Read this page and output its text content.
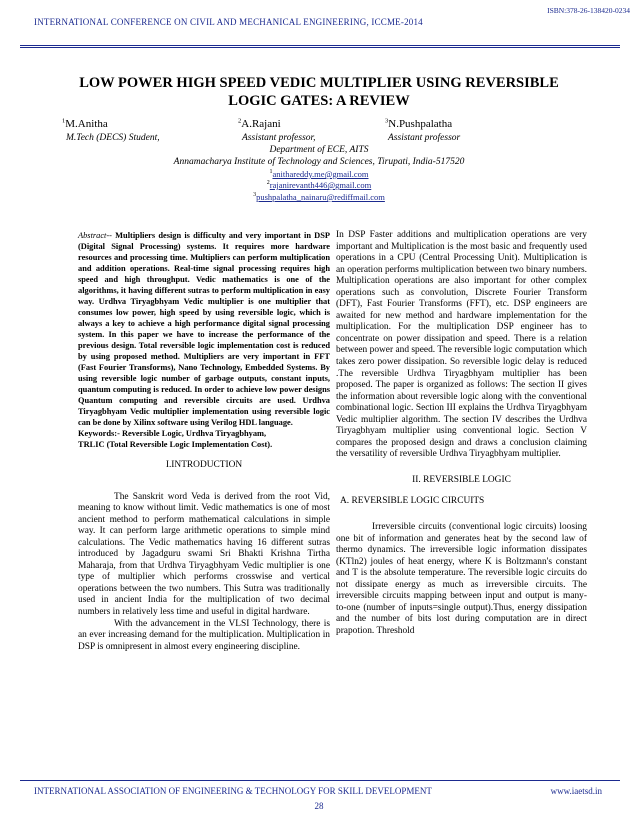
ISBN:378-26-138420-0234
INTERNATIONAL CONFERENCE ON CIVIL AND MECHANICAL ENGINEERING, ICCME-2014
LOW POWER HIGH SPEED VEDIC MULTIPLIER USING REVERSIBLE
LOGIC GATES: A REVIEW
$^1$M.Anitha	$^2$A.Rajani	$^3$N.Pushpalatha
M.Tech (DECS) Student,	Assistant professor,	Assistant professor
Department of ECE, AITS
Annamacharya Institute of Technology and Sciences, Tirupati, India-517520
$^1$anithareddy.me@gmail.com
$^2$rajanirevanth446@gmail.com
$^3$pushpalatha_nainaru@rediffmail.com

Abstract-- Multipliers design is difficulty and very important in DSP (Digital Signal Processing) systems. It requires more hardware resources and processing time. Multipliers can perform multiplication and addition operations. Real-time signal processing requires high speed and high throughput. Vedic mathematics is one of the algorithms, it having different sutras to perform multiplication in easy way. Urdhva Tiryagbhyam Vedic multiplier is one multiplier that consumes low power, high speed by using reversible logic, which is always a key to achieve a high performance digital signal processing system. In this paper we have to increase the performance of the previous design. Total reversible logic implementation cost is reduced by using proposed method. Multipliers are very important in FFT (Fast Fourier Transforms), Nano Technology, Embedded Systems. By using reversible logic number of garbage outputs, constant inputs, quantum computing is reduced. In order to achieve low power designs Quantum computing and reversible circuits are used. Urdhva Tiryagbhyam Vedic multiplier implementation using reversible logic can be done by Xilinx software using Verilog HDL language.

Keywords:- Reversible Logic, Urdhva Tiryagbhyam,

TRLIC (Total Reversible Logic Implementation Cost).

I.INTRODUCTION

The Sanskrit word Veda is derived from the root Vid, meaning to know without limit. Vedic mathematics is one of most ancient method to perform mathematical calculations in simple way. It can perform large arithmetic operations to simple mind calculations. The Vedic mathematics having 16 different sutras introduced by Jagadguru swami Sri Bhakti Krishna Tirtha Maharaja, from that Urdhva Tiryagbhyam Vedic multiplier is one type of multiplier which performs crosswise and vertical operations between the two numbers. This Sutra was traditionally used in ancient India for the multiplication of two decimal numbers in relatively less time and useful in digital hardware.

With the advancement in the VLSI Technology, there is an ever increasing demand for the multiplication. Multiplication in DSP is omnipresent in almost every engineering discipline.

In DSP Faster additions and multiplication operations are very important and Multiplication is the most basic and frequently used operations in a CPU (Central Processing Unit). Multiplication is an operation performs multiplication between two binary numbers. Multiplication operations are also important for other complex operations such as convolution, Discrete Fourier Transform (DFT), Fast Fourier Transforms (FFT), etc. DSP engineers are awaited for new method and hardware implementation for the multiplication. For the multiplication DSP engineer has to concentrate on power dissipation and speed. There is a relation between power and speed. The reversible logic computation which takes zero power dissipation. So reversible logic delay is reduced .The reversible Urdhva Tiryagbhyam multiplier has been proposed. The paper is organized as follows: The section II gives the information about reversible logic along with the conventional combinational logic. Section III explains the Urdhva Tiryagbhyam Vedic multiplier algorithm. The section IV describes the Urdhva Tiryagbhyam multiplier using conventional logic. Section V compares the proposed design and draws a conclusion claiming the versatility of reversible Urdhva Tiryagbhyam multiplier.

II. REVERSIBLE LOGIC

A. REVERSIBLE LOGIC CIRCUITS

Irreversible circuits (conventional logic circuits) loosing one bit of information and generates heat by the second law of thermo dynamics. The irreversible logic information dissipates (KTln2) joules of heat energy, where K is Boltzmann's constant and T is the absolute temperature. The reversible logic circuits do not dissipate energy as much as irreversible circuits. The irreversible circuits mapping between input and output is many- to-one (number of inputs=single output).Thus, energy dissipation and the number of bits lost during computation are in direct prapotion. Threshold

INTERNATIONAL ASSOCIATION OF ENGINEERING & TECHNOLOGY FOR SKILL DEVELOPMENT	www.iaetsd.in
28
